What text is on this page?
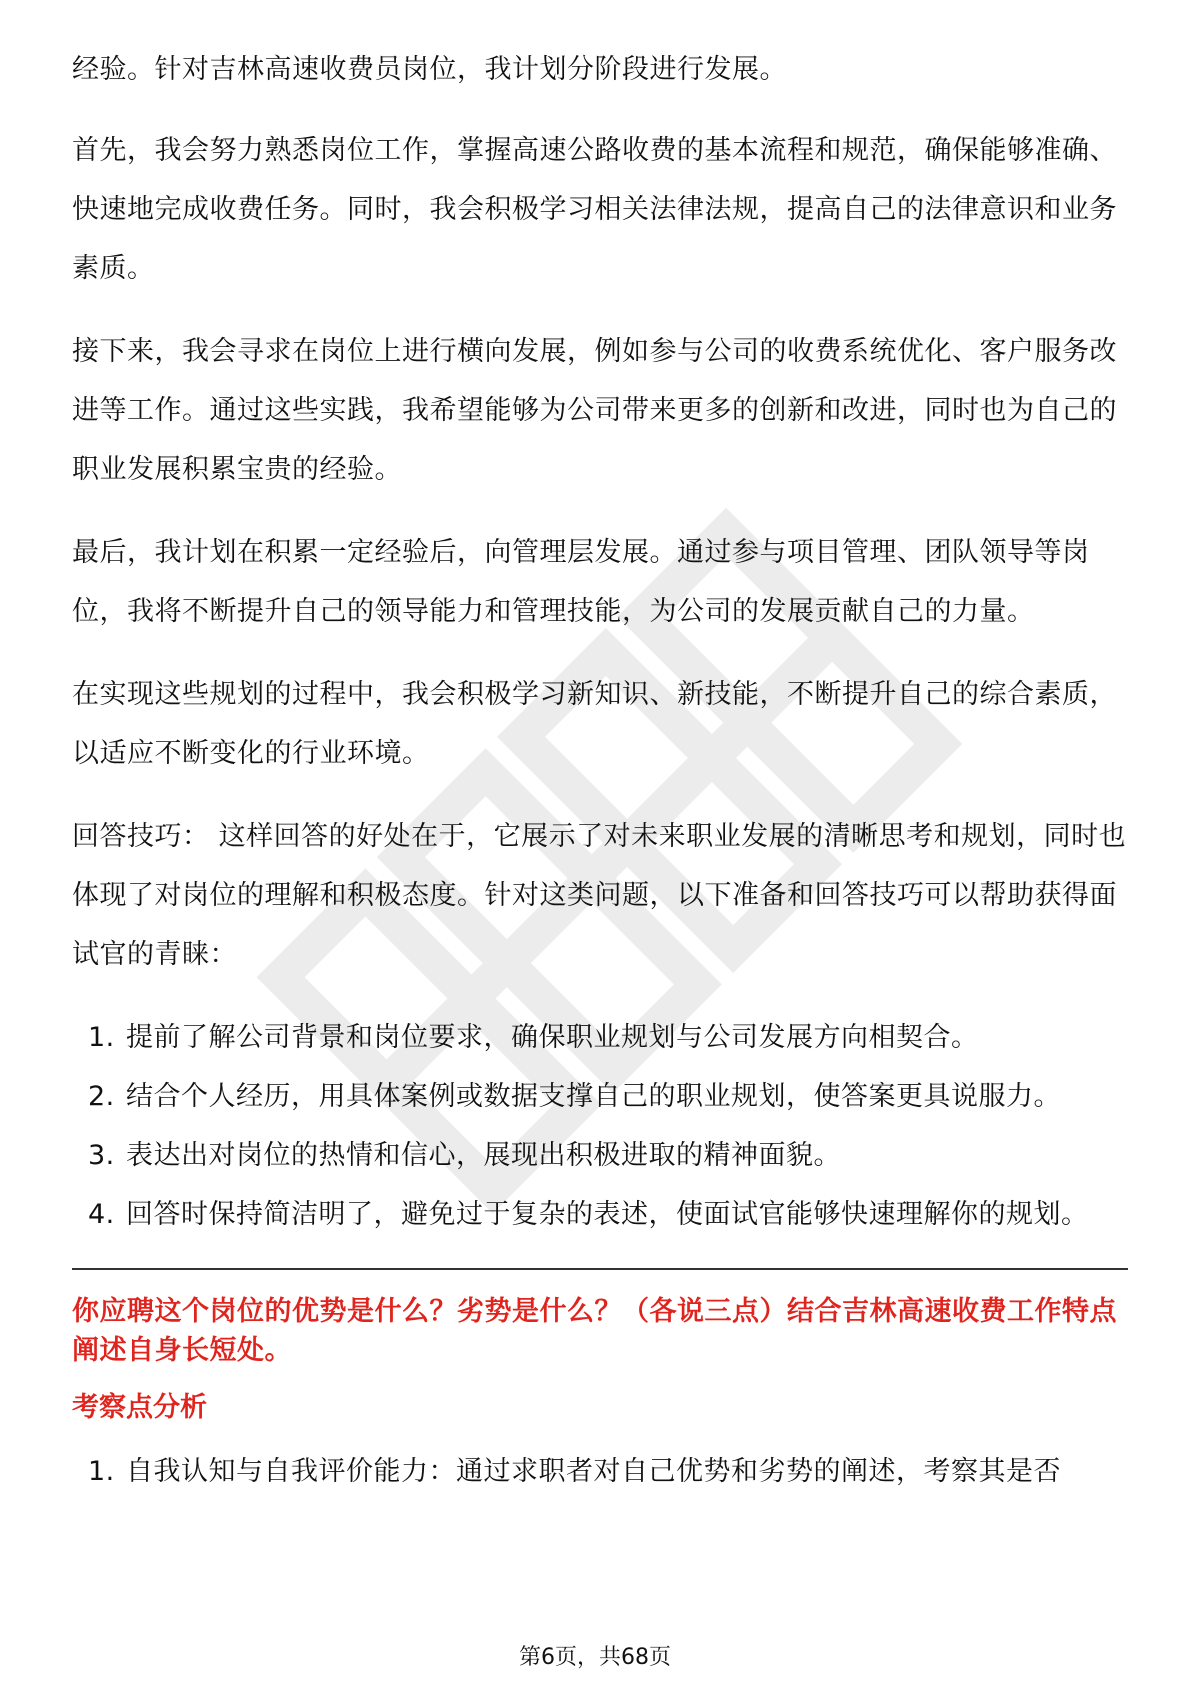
经验。针对吉林高速收费员岗位，我计划分阶段进行发展。

首先，我会努力熟悉岗位工作，掌握高速公路收费的基本流程和规范，确保能够准确、快速地完成收费任务。同时，我会积极学习相关法律法规，提高自己的法律意识和业务素质。

接下来，我会寻求在岗位上进行横向发展，例如参与公司的收费系统优化、客户服务改进等工作。通过这些实践，我希望能够为公司带来更多的创新和改进，同时也为自己的职业发展积累宝贵的经验。

最后，我计划在积累一定经验后，向管理层发展。通过参与项目管理、团队领导等岗位，我将不断提升自己的领导能力和管理技能，为公司的发展贡献自己的力量。

在实现这些规划的过程中，我会积极学习新知识、新技能，不断提升自己的综合素质，以适应不断变化的行业环境。

回答技巧： 这样回答的好处在于，它展示了对未来职业发展的清晰思考和规划，同时也体现了对岗位的理解和积极态度。针对这类问题，以下准备和回答技巧可以帮助获得面试官的青睐：

1. 提前了解公司背景和岗位要求，确保职业规划与公司发展方向相契合。
2. 结合个人经历，用具体案例或数据支撑自己的职业规划，使答案更具说服力。
3. 表达出对岗位的热情和信心，展现出积极进取的精神面貌。
4. 回答时保持简洁明了，避免过于复杂的表述，使面试官能够快速理解你的规划。

你应聘这个岗位的优势是什么？劣势是什么？（各说三点）结合吉林高速收费工作特点阐述自身长短处。

考察点分析

1. 自我认知与自我评价能力：通过求职者对自己优势和劣势的阐述，考察其是否
第6页，共68页
